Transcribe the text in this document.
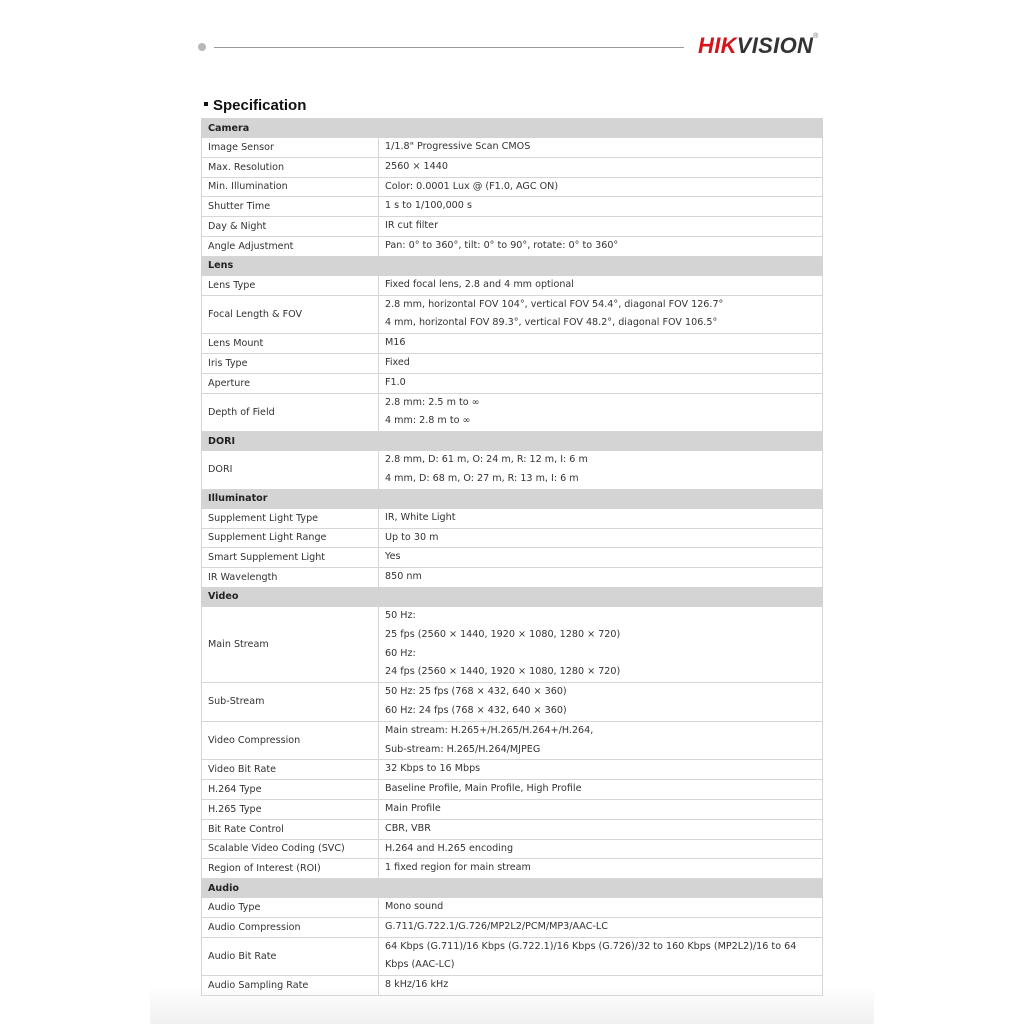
HIKVISION®
Specification
Camera	
Image Sensor	1/1.8" Progressive Scan CMOS

Max. Resolution	2560 × 1440

Min. Illumination	Color: 0.0001 Lux @ (F1.0, AGC ON)

Shutter Time	1 s to 1/100,000 s

Day & Night	IR cut filter

Angle Adjustment	Pan: 0° to 360°, tilt: 0° to 90°, rotate: 0° to 360°

Lens	
Lens Type	Fixed focal lens, 2.8 and 4 mm optional

Focal Length & FOV	2.8 mm, horizontal FOV 104°, vertical FOV 54.4°, diagonal FOV 126.7°
4 mm, horizontal FOV 89.3°, vertical FOV 48.2°, diagonal FOV 106.5°

Lens Mount	M16

Iris Type	Fixed

Aperture	F1.0

Depth of Field	2.8 mm: 2.5 m to ∞
4 mm: 2.8 m to ∞

DORI	
DORI	2.8 mm, D: 61 m, O: 24 m, R: 12 m, I: 6 m
4 mm, D: 68 m, O: 27 m, R: 13 m, I: 6 m

Illuminator	
Supplement Light Type	IR, White Light

Supplement Light Range	Up to 30 m

Smart Supplement Light	Yes

IR Wavelength	850 nm

Video	
Main Stream	50 Hz:
25 fps (2560 × 1440, 1920 × 1080, 1280 × 720)
60 Hz:
24 fps (2560 × 1440, 1920 × 1080, 1280 × 720)

Sub-Stream	50 Hz: 25 fps (768 × 432, 640 × 360)
60 Hz: 24 fps (768 × 432, 640 × 360)

Video Compression	Main stream: H.265+/H.265/H.264+/H.264,
Sub-stream: H.265/H.264/MJPEG

Video Bit Rate	32 Kbps to 16 Mbps

H.264 Type	Baseline Profile, Main Profile, High Profile

H.265 Type	Main Profile

Bit Rate Control	CBR, VBR

Scalable Video Coding (SVC)	H.264 and H.265 encoding

Region of Interest (ROI)	1 fixed region for main stream

Audio	
Audio Type	Mono sound

Audio Compression	G.711/G.722.1/G.726/MP2L2/PCM/MP3/AAC-LC

Audio Bit Rate	64 Kbps (G.711)/16 Kbps (G.722.1)/16 Kbps (G.726)/32 to 160 Kbps (MP2L2)/16 to 64
Kbps (AAC-LC)

Audio Sampling Rate	8 kHz/16 kHz
